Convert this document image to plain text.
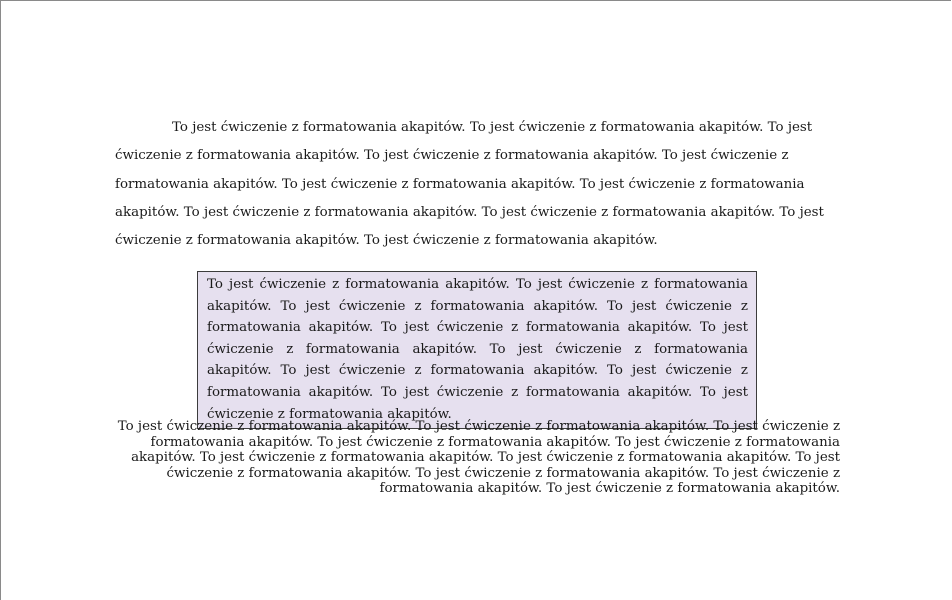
To jest ćwiczenie z formatowania akapitów. To jest ćwiczenie z formatowania akapitów. To jest ćwiczenie z formatowania akapitów. To jest ćwiczenie z formatowania akapitów. To jest ćwiczenie z formatowania akapitów. To jest ćwiczenie z formatowania akapitów. To jest ćwiczenie z formatowania akapitów. To jest ćwiczenie z formatowania akapitów. To jest ćwiczenie z formatowania akapitów. To jest ćwiczenie z formatowania akapitów. To jest ćwiczenie z formatowania akapitów.

To jest ćwiczenie z formatowania akapitów. To jest ćwiczenie z formatowania akapitów. To jest ćwiczenie z formatowania akapitów. To jest ćwiczenie z formatowania akapitów. To jest ćwiczenie z formatowania akapitów. To jest ćwiczenie z formatowania akapitów. To jest ćwiczenie z formatowania akapitów. To jest ćwiczenie z formatowania akapitów. To jest ćwiczenie z formatowania akapitów. To jest ćwiczenie z formatowania akapitów. To jest ćwiczenie z formatowania akapitów.

To jest ćwiczenie z formatowania akapitów. To jest ćwiczenie z formatowania akapitów. To jest ćwiczenie z formatowania akapitów. To jest ćwiczenie z formatowania akapitów. To jest ćwiczenie z formatowania akapitów. To jest ćwiczenie z formatowania akapitów. To jest ćwiczenie z formatowania akapitów. To jest ćwiczenie z formatowania akapitów. To jest ćwiczenie z formatowania akapitów. To jest ćwiczenie z formatowania akapitów. To jest ćwiczenie z formatowania akapitów.
